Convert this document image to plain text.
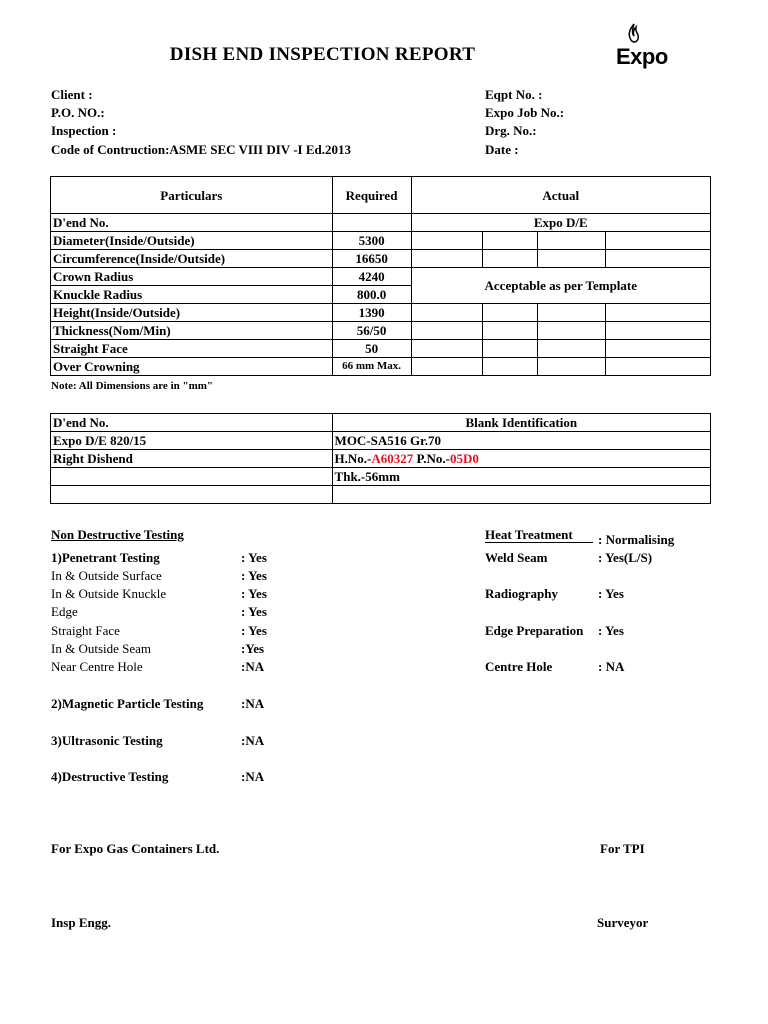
DISH END INSPECTION REPORT	Expo
Client :
P.O. NO.:
Inspection :
Code of Contruction:ASME SEC VIII DIV -I Ed.2013
Eqpt No. :
Expo Job No.:
Drg. No.:
Date :
Particulars	Required	Actual			
D'end No.		Expo D/E			
Diameter(Inside/Outside)	5300				
Circumference(Inside/Outside)	16650				
Crown Radius	4240	Acceptable as per Template			
Knuckle Radius	800.0				
Height(Inside/Outside)	1390				
Thickness(Nom/Min)	56/50				
Straight Face	50				
Over Crowning	66 mm Max.				
Note: All Dimensions are in "mm"
D'end No.	Blank Identification
Expo D/E 820/15	MOC-SA516 Gr.70
Right Dishend	H.No.-A60327 P.No.-05D0
	Thk.-56mm

Non Destructive Testing
1)Penetrant Testing	: Yes
In & Outside Surface	: Yes
In & Outside Knuckle	: Yes
Edge	: Yes
Straight Face	: Yes
In & Outside Seam	:Yes
Near Centre Hole	:NA
2)Magnetic Particle Testing	:NA
3)Ultrasonic Testing	:NA
4)Destructive Testing	:NA
Heat Treatment	: Normalising
Weld Seam	: Yes(L/S)
Radiography	: Yes
Edge Preparation : Yes
Centre Hole	: NA
For Expo Gas Containers Ltd.	For TPI
Insp Engg.	Surveyor
